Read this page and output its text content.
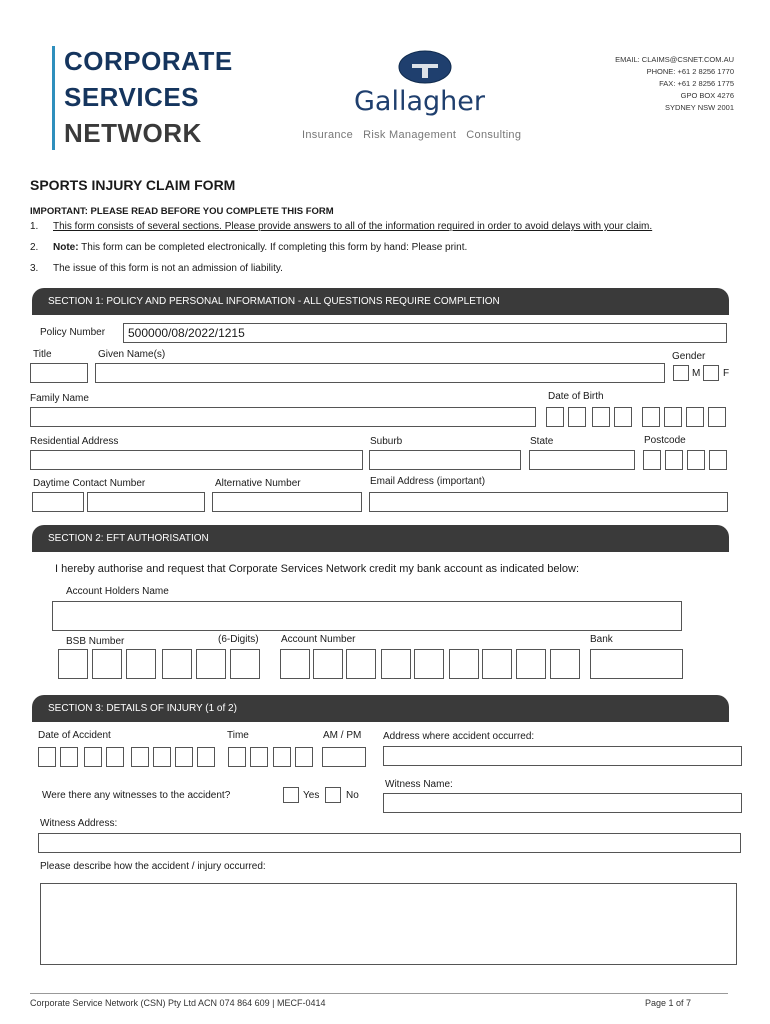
CORPORATE
SERVICES
NETWORK
Gallagher
Insurance   Risk Management   Consulting
EMAIL: CLAIMS@CSNET.COM.AU
PHONE: +61 2 8256 1770
FAX: +61 2 8256 1775
GPO BOX 4276
SYDNEY NSW 2001
SPORTS INJURY CLAIM FORM
IMPORTANT: PLEASE READ BEFORE YOU COMPLETE THIS FORM
1. This form consists of several sections. Please provide answers to all of the information required in order to avoid delays with your claim.
2. Note: This form can be completed electronically. If completing this form by hand: Please print.
3. The issue of this form is not an admission of liability.
SECTION 1: POLICY AND PERSONAL INFORMATION - ALL QUESTIONS REQUIRE COMPLETION
Policy Number	500000/08/2022/1215
Title	Given Name(s)	Gender
M F
Family Name	Date of Birth
Residential Address	Suburb	State	Postcode
Daytime Contact Number	Alternative Number	Email Address (important)
SECTION 2: EFT AUTHORISATION
I hereby authorise and request that Corporate Services Network credit my bank account as indicated below:
Account Holders Name
BSB Number	(6-Digits) Account Number	Bank
SECTION 3: DETAILS OF INJURY (1 of 2)
Date of Accident	Time	AM / PM Address where accident occurred:
Witness Name:
Were there any witnesses to the accident?	Yes	No
Witness Address:
Please describe how the accident / injury occurred:
Corporate Service Network (CSN) Pty Ltd ACN 074 864 609 | MECF-0414	Page 1 of 7
